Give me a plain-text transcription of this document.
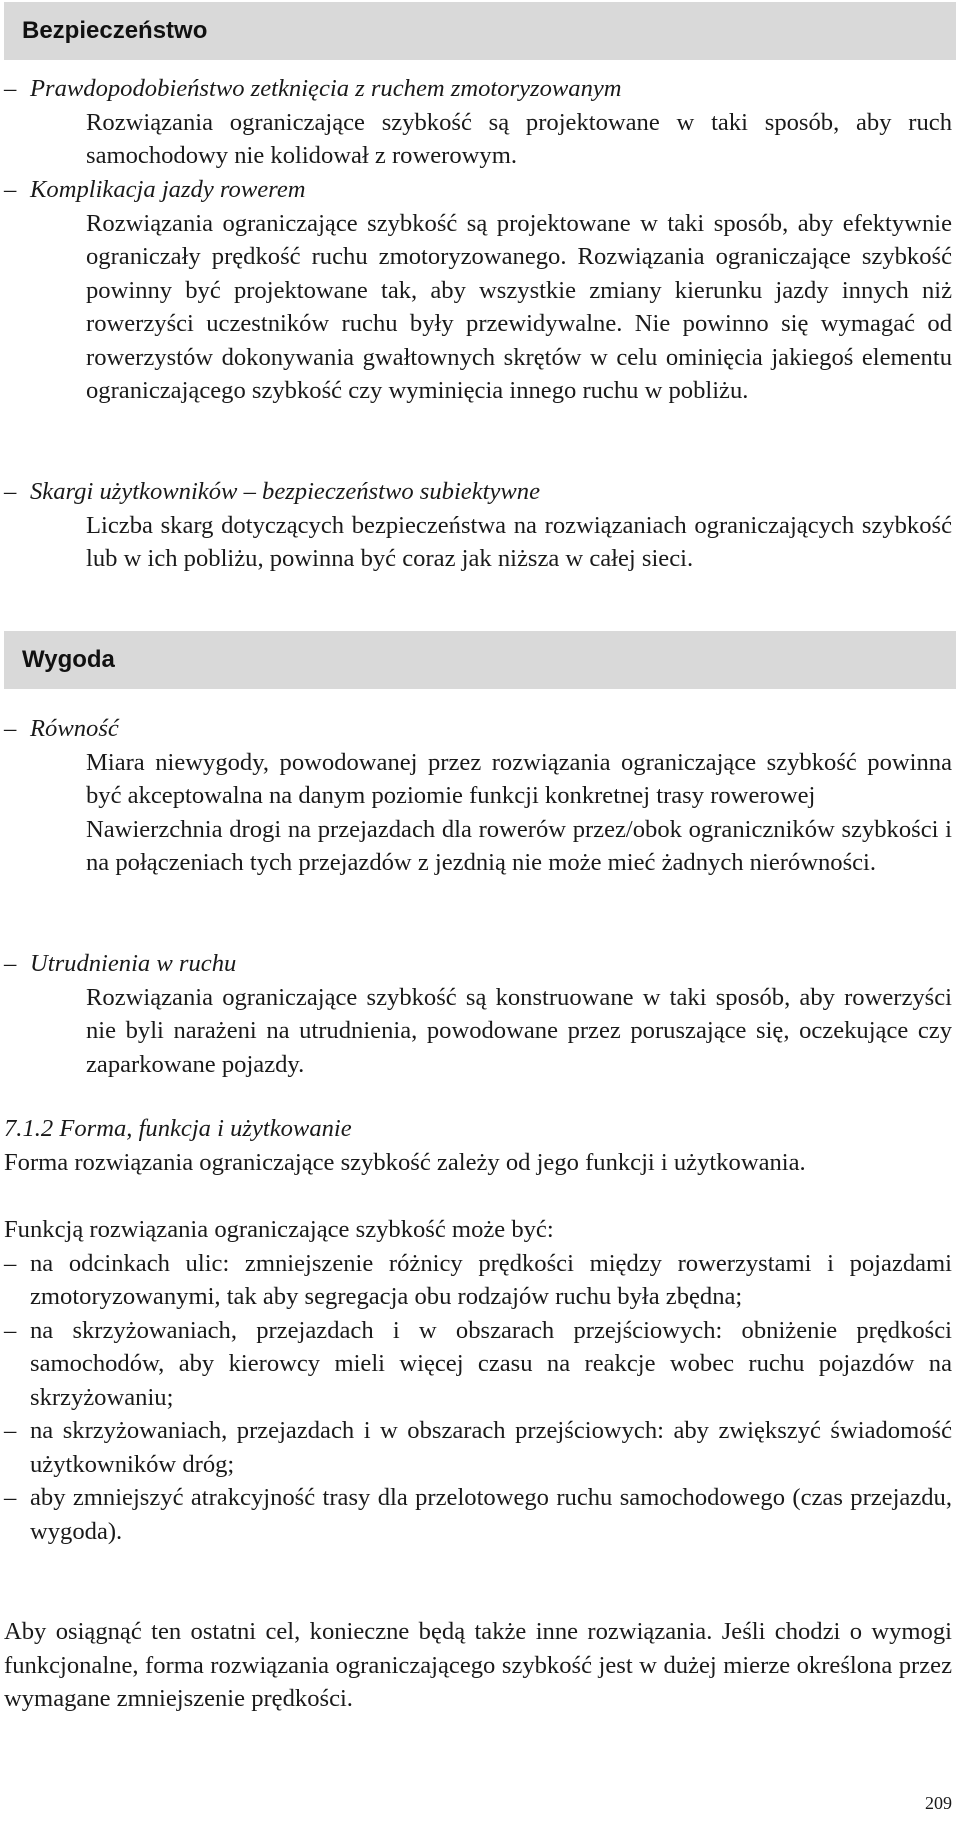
Bezpieczeństwo
– Prawdopodobieństwo zetknięcia z ruchem zmotoryzowanym
Rozwiązania ograniczające szybkość są projektowane w taki sposób, aby ruch samochodowy nie kolidował z rowerowym.
– Komplikacja jazdy rowerem
Rozwiązania ograniczające szybkość są projektowane w taki sposób, aby efektywnie ograniczały prędkość ruchu zmotoryzowanego. Rozwiązania ograniczające szybkość powinny być projektowane tak, aby wszystkie zmiany kierunku jazdy innych niż rowerzyści uczestników ruchu były przewidywalne. Nie powinno się wymagać od rowerzystów dokonywania gwałtownych skrętów w celu ominięcia jakiegoś elementu ograniczającego szybkość czy wyminięcia innego ruchu w pobliżu.
– Skargi użytkowników – bezpieczeństwo subiektywne
Liczba skarg dotyczących bezpieczeństwa na rozwiązaniach ograniczających szybkość lub w ich pobliżu, powinna być coraz jak niższa w całej sieci.
Wygoda
– Równość
Miara niewygody, powodowanej przez rozwiązania ograniczające szybkość powinna być akceptowalna na danym poziomie funkcji konkretnej trasy rowerowej
Nawierzchnia drogi na przejazdach dla rowerów przez/obok ograniczników szybkości i na połączeniach tych przejazdów z jezdnią nie może mieć żadnych nierówności.
– Utrudnienia w ruchu
Rozwiązania ograniczające szybkość są konstruowane w taki sposób, aby rowerzyści nie byli narażeni na utrudnienia, powodowane przez poruszające się, oczekujące czy zaparkowane pojazdy.
7.1.2 Forma, funkcja i użytkowanie
Forma rozwiązania ograniczające szybkość zależy od jego funkcji i użytkowania.
Funkcją rozwiązania ograniczające szybkość może być:
– na odcinkach ulic: zmniejszenie różnicy prędkości między rowerzystami i pojazdami zmotoryzowanymi, tak aby segregacja obu rodzajów ruchu była zbędna;
– na skrzyżowaniach, przejazdach i w obszarach przejściowych: obniżenie prędkości samochodów, aby kierowcy mieli więcej czasu na reakcje wobec ruchu pojazdów na skrzyżowaniu;
– na skrzyżowaniach, przejazdach i w obszarach przejściowych: aby zwiększyć świadomość użytkowników dróg;
– aby zmniejszyć atrakcyjność trasy dla przelotowego ruchu samochodowego (czas przejazdu, wygoda).
Aby osiągnąć ten ostatni cel, konieczne będą także inne rozwiązania. Jeśli chodzi o wymogi funkcjonalne, forma rozwiązania ograniczającego szybkość jest w dużej mierze określona przez wymagane zmniejszenie prędkości.
209
